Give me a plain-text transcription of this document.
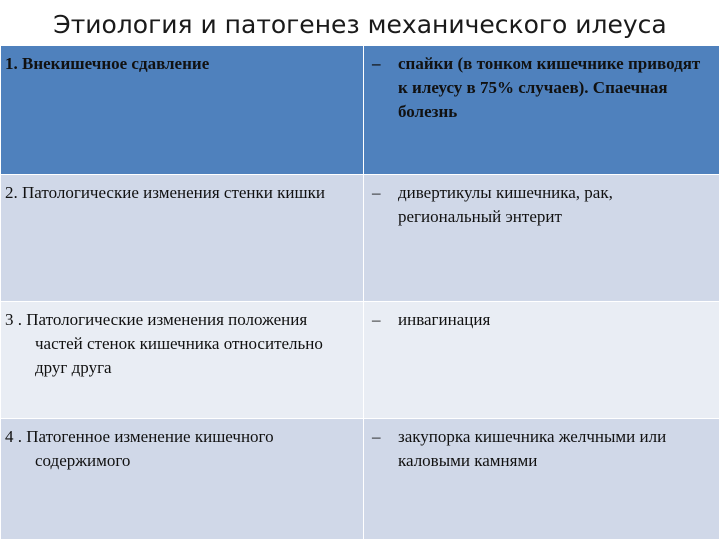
Этиология и патогенез механического илеуса
1. Внекишечное сдавление	– спайки (в тонком кишечнике приводят к илеусу в 75% случаев). Спаечная болезнь

2. Патологические изменения стенки кишки	– дивертикулы кишечника, рак, региональный энтерит

3 . Патологические изменения положения частей стенок кишечника относительно друг друга	– инвагинация

4 . Патогенное изменение кишечного содержимого	– закупорка кишечника желчными или каловыми камнями
